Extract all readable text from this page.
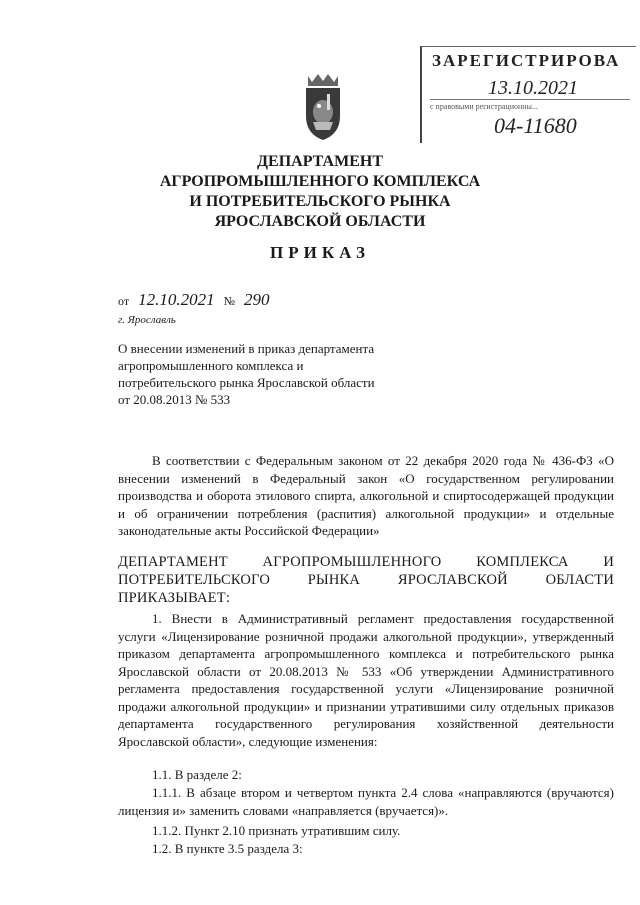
ЗАРЕГИСТРИРОВА
13.10.2021
с правовыми регистрационны...
04-11680
ДЕПАРТАМЕНТ
АГРОПРОМЫШЛЕННОГО КОМПЛЕКСА
И ПОТРЕБИТЕЛЬСКОГО РЫНКА
ЯРОСЛАВСКОЙ ОБЛАСТИ
ПРИКАЗ
от 12.10.2021 № 290
г. Ярославль
О внесении изменений в приказ департамента агропромышленного комплекса и потребительского рынка Ярославской области от 20.08.2013 № 533
В соответствии с Федеральным законом от 22 декабря 2020 года № 436-ФЗ «О внесении изменений в Федеральный закон «О государственном регулировании производства и оборота этилового спирта, алкогольной и спиртосодержащей продукции и об ограничении потребления (распития) алкогольной продукции» и отдельные законодательные акты Российской Федерации»
ДЕПАРТАМЕНТ АГРОПРОМЫШЛЕННОГО КОМПЛЕКСА И
ПОТРЕБИТЕЛЬСКОГО РЫНКА ЯРОСЛАВСКОЙ ОБЛАСТИ
ПРИКАЗЫВАЕТ:
1. Внести в Административный регламент предоставления государственной услуги «Лицензирование розничной продажи алкогольной продукции», утвержденный приказом департамента агропромышленного комплекса и потребительского рынка Ярославской области от 20.08.2013 № 533 «Об утверждении Административного регламента предоставления государственной услуги «Лицензирование розничной продажи алкогольной продукции» и признании утратившими силу отдельных приказов департамента государственного регулирования хозяйственной деятельности Ярославской области», следующие изменения:
1.1. В разделе 2:
1.1.1. В абзаце втором и четвертом пункта 2.4 слова «направляются (вручаются) лицензия и» заменить словами «направляется (вручается)».
1.1.2. Пункт 2.10 признать утратившим силу.
1.2. В пункте 3.5 раздела 3:
